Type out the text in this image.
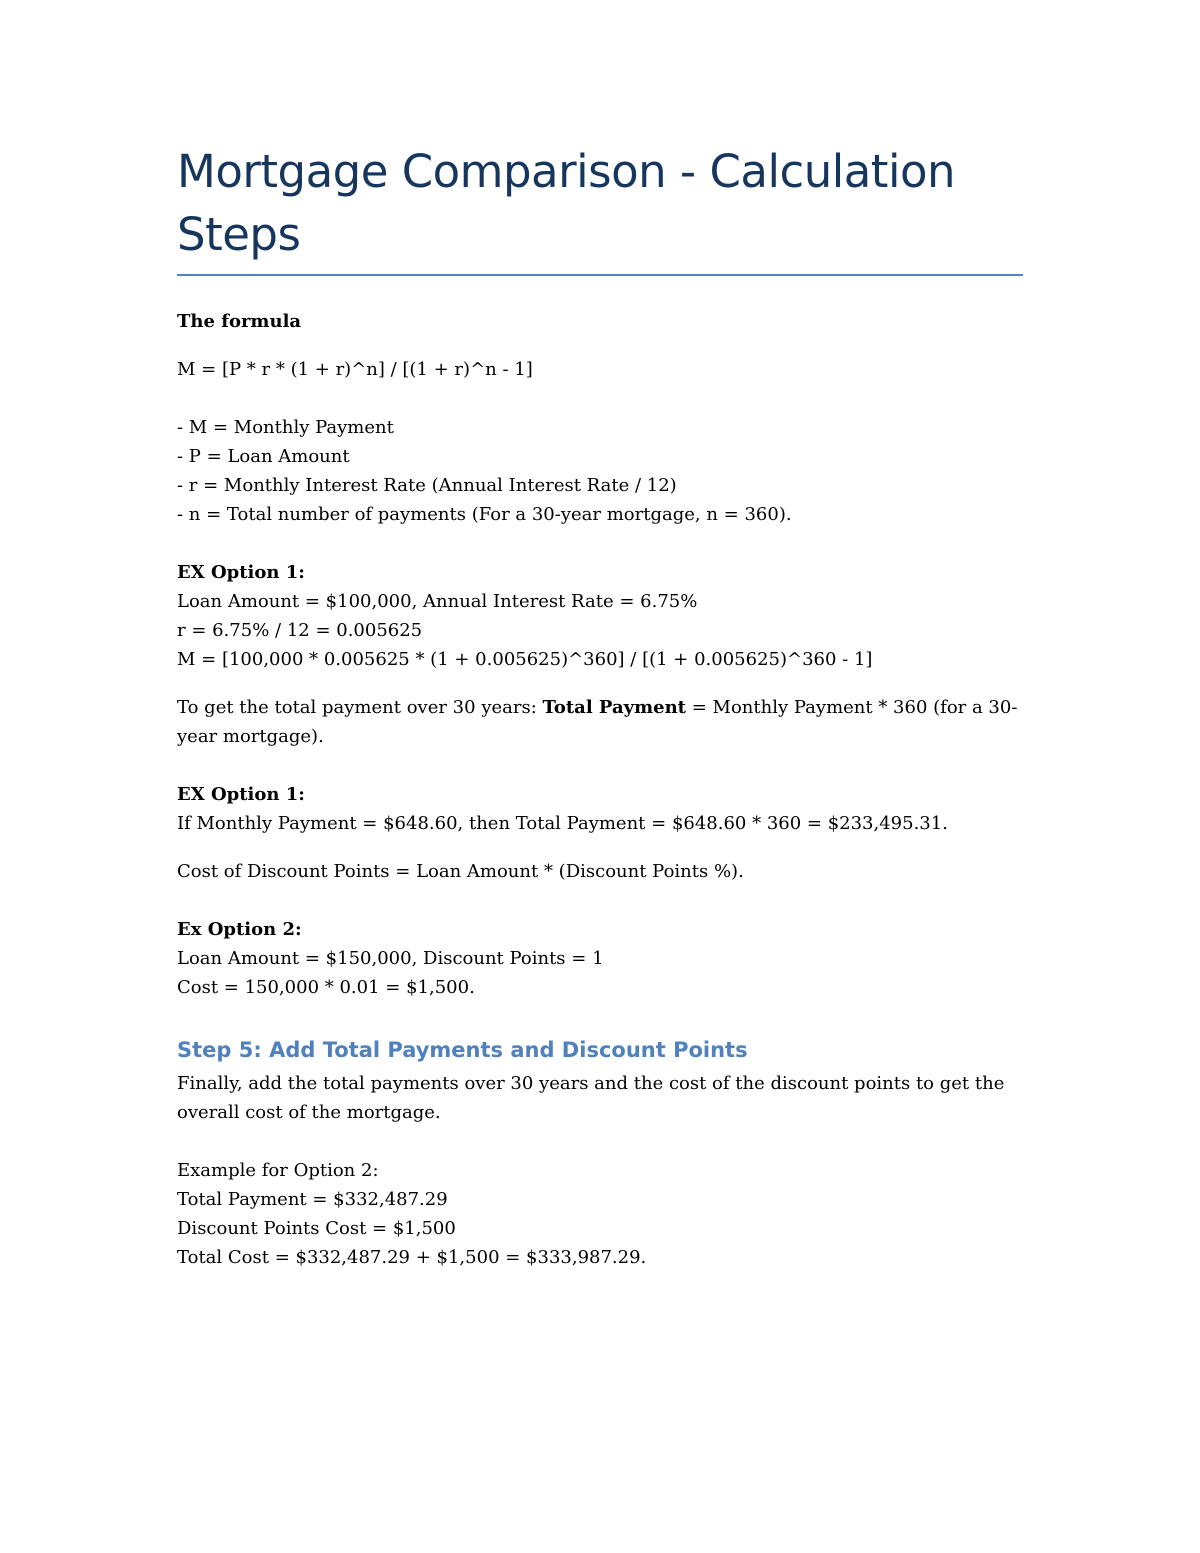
Mortgage Comparison - Calculation Steps

The formula

M = [P * r * (1 + r)^n] / [(1 + r)^n - 1]

- M = Monthly Payment

- P = Loan Amount

- r = Monthly Interest Rate (Annual Interest Rate / 12)

- n = Total number of payments (For a 30-year mortgage, n = 360).

EX Option 1:

Loan Amount = $100,000, Annual Interest Rate = 6.75%

r = 6.75% / 12 = 0.005625

M = [100,000 * 0.005625 * (1 + 0.005625)^360] / [(1 + 0.005625)^360 - 1]

To get the total payment over 30 years: Total Payment = Monthly Payment * 360 (for a 30-year mortgage).

EX Option 1:

If Monthly Payment = $648.60, then Total Payment = $648.60 * 360 = $233,495.31.

Cost of Discount Points = Loan Amount * (Discount Points %).

Ex Option 2:

Loan Amount = $150,000, Discount Points = 1

Cost = 150,000 * 0.01 = $1,500.

Step 5: Add Total Payments and Discount Points

Finally, add the total payments over 30 years and the cost of the discount points to get the overall cost of the mortgage.

Example for Option 2:

Total Payment = $332,487.29

Discount Points Cost = $1,500

Total Cost = $332,487.29 + $1,500 = $333,987.29.
